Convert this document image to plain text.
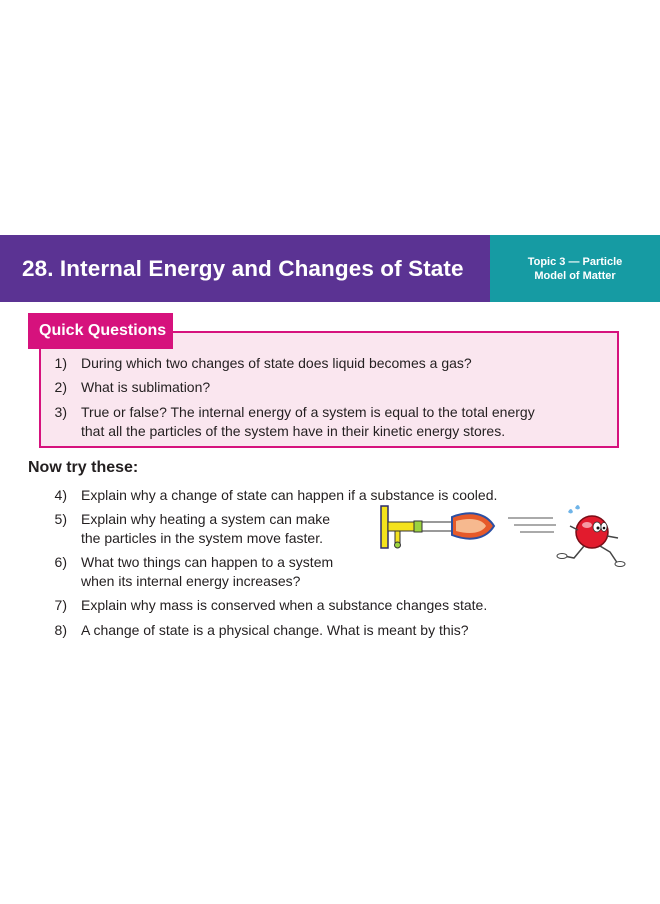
28. Internal Energy and Changes of State	Topic 3 — Particle
Model of Matter
Quick Questions
1) During which two changes of state does liquid becomes a gas?
2) What is sublimation?
3) True or false? The internal energy of a system is equal to the total energy
that all the particles of the system have in their kinetic energy stores.
Now try these:
4) Explain why a change of state can happen if a substance is cooled.
5) Explain why heating a system can make
the particles in the system move faster.
6) What two things can happen to a system
when its internal energy increases?
7) Explain why mass is conserved when a substance changes state.
8) A change of state is a physical change. What is meant by this?
